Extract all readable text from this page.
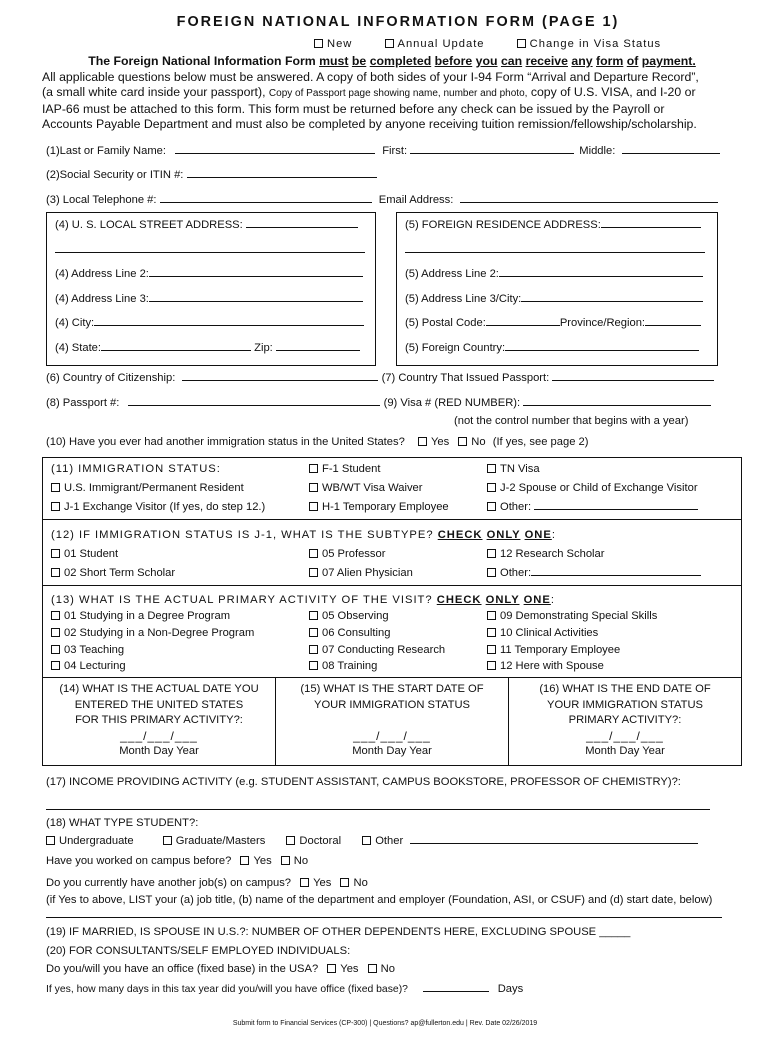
FOREIGN NATIONAL INFORMATION FORM (PAGE 1)
New	Annual Update	Change in Visa Status
The Foreign National Information Form must be completed before you can receive any form of payment.
All applicable questions below must be answered. A copy of both sides of your I-94 Form “Arrival and Departure Record”,
(a small white card inside your passport), Copy of Passport page showing name, number and photo, copy of U.S. VISA, and I-20 or
IAP-66 must be attached to this form. This form must be returned before any check can be issued by the Payroll or
Accounts Payable Department and must also be completed by anyone receiving tuition remission/fellowship/scholarship.
(1)Last or Family Name:	First:	Middle:
(2)Social Security or ITIN #:
(3) Local Telephone #:	Email Address:
(4) U. S. LOCAL STREET ADDRESS:
(4) Address Line 2:
(4) Address Line 3:
(4) City:
(4) State:	Zip:
(5) FOREIGN RESIDENCE ADDRESS:
(5) Address Line 2:
(5) Address Line 3/City:
(5) Postal Code:	Province/Region:
(5) Foreign Country:
(6) Country of Citizenship:	(7) Country That Issued Passport:
(8) Passport #:	(9) Visa # (RED NUMBER):
(not the control number that begins with a year)
(10) Have you ever had another immigration status in the United States? Yes No (If yes, see page 2)
(11) IMMIGRATION STATUS:	F-1 Student	TN Visa
U.S. Immigrant/Permanent Resident	WB/WT Visa Waiver	J-2 Spouse or Child of Exchange Visitor
J-1 Exchange Visitor (If yes, do step 12.)	H-1 Temporary Employee	Other:
(12) IF IMMIGRATION STATUS IS J-1, WHAT IS THE SUBTYPE? CHECK ONLY ONE:
01 Student	05 Professor	12 Research Scholar
02 Short Term Scholar	07 Alien Physician	Other:
(13) WHAT IS THE ACTUAL PRIMARY ACTIVITY OF THE VISIT? CHECK ONLY ONE:
01 Studying in a Degree Program	05 Observing	09 Demonstrating Special Skills
02 Studying in a Non-Degree Program	06 Consulting	10 Clinical Activities
03 Teaching	07 Conducting Research	11 Temporary Employee
04 Lecturing	08 Training	12 Here with Spouse
(14) WHAT IS THE ACTUAL DATE YOU
ENTERED THE UNITED STATES
FOR THIS PRIMARY ACTIVITY?:
___/___/___
Month Day Year
(15) WHAT IS THE START DATE OF
YOUR IMMIGRATION STATUS

___/___/___
Month Day Year
(16) WHAT IS THE END DATE OF
YOUR IMMIGRATION STATUS
PRIMARY ACTIVITY?:
___/___/___
Month Day Year
(17) INCOME PROVIDING ACTIVITY (e.g. STUDENT ASSISTANT, CAMPUS BOOKSTORE, PROFESSOR OF CHEMISTRY)?:
(18) WHAT TYPE STUDENT?:
Undergraduate	Graduate/Masters	Doctoral	Other
Have you worked on campus before? Yes No
Do you currently have another job(s) on campus? Yes No
(if Yes to above, LIST your (a) job title, (b) name of the department and employer (Foundation, ASI, or CSUF) and (d) start date, below)
(19) IF MARRIED, IS SPOUSE IN U.S.?: NUMBER OF OTHER DEPENDENTS HERE, EXCLUDING SPOUSE _____
(20) FOR CONSULTANTS/SELF EMPLOYED INDIVIDUALS:
Do you/will you have an office (fixed base) in the USA? Yes No
If yes, how many days in this tax year did you/will you have office (fixed base)?	Days
Submit form to Financial Services (CP-300) | Questions? ap@fullerton.edu | Rev. Date 02/26/2019
